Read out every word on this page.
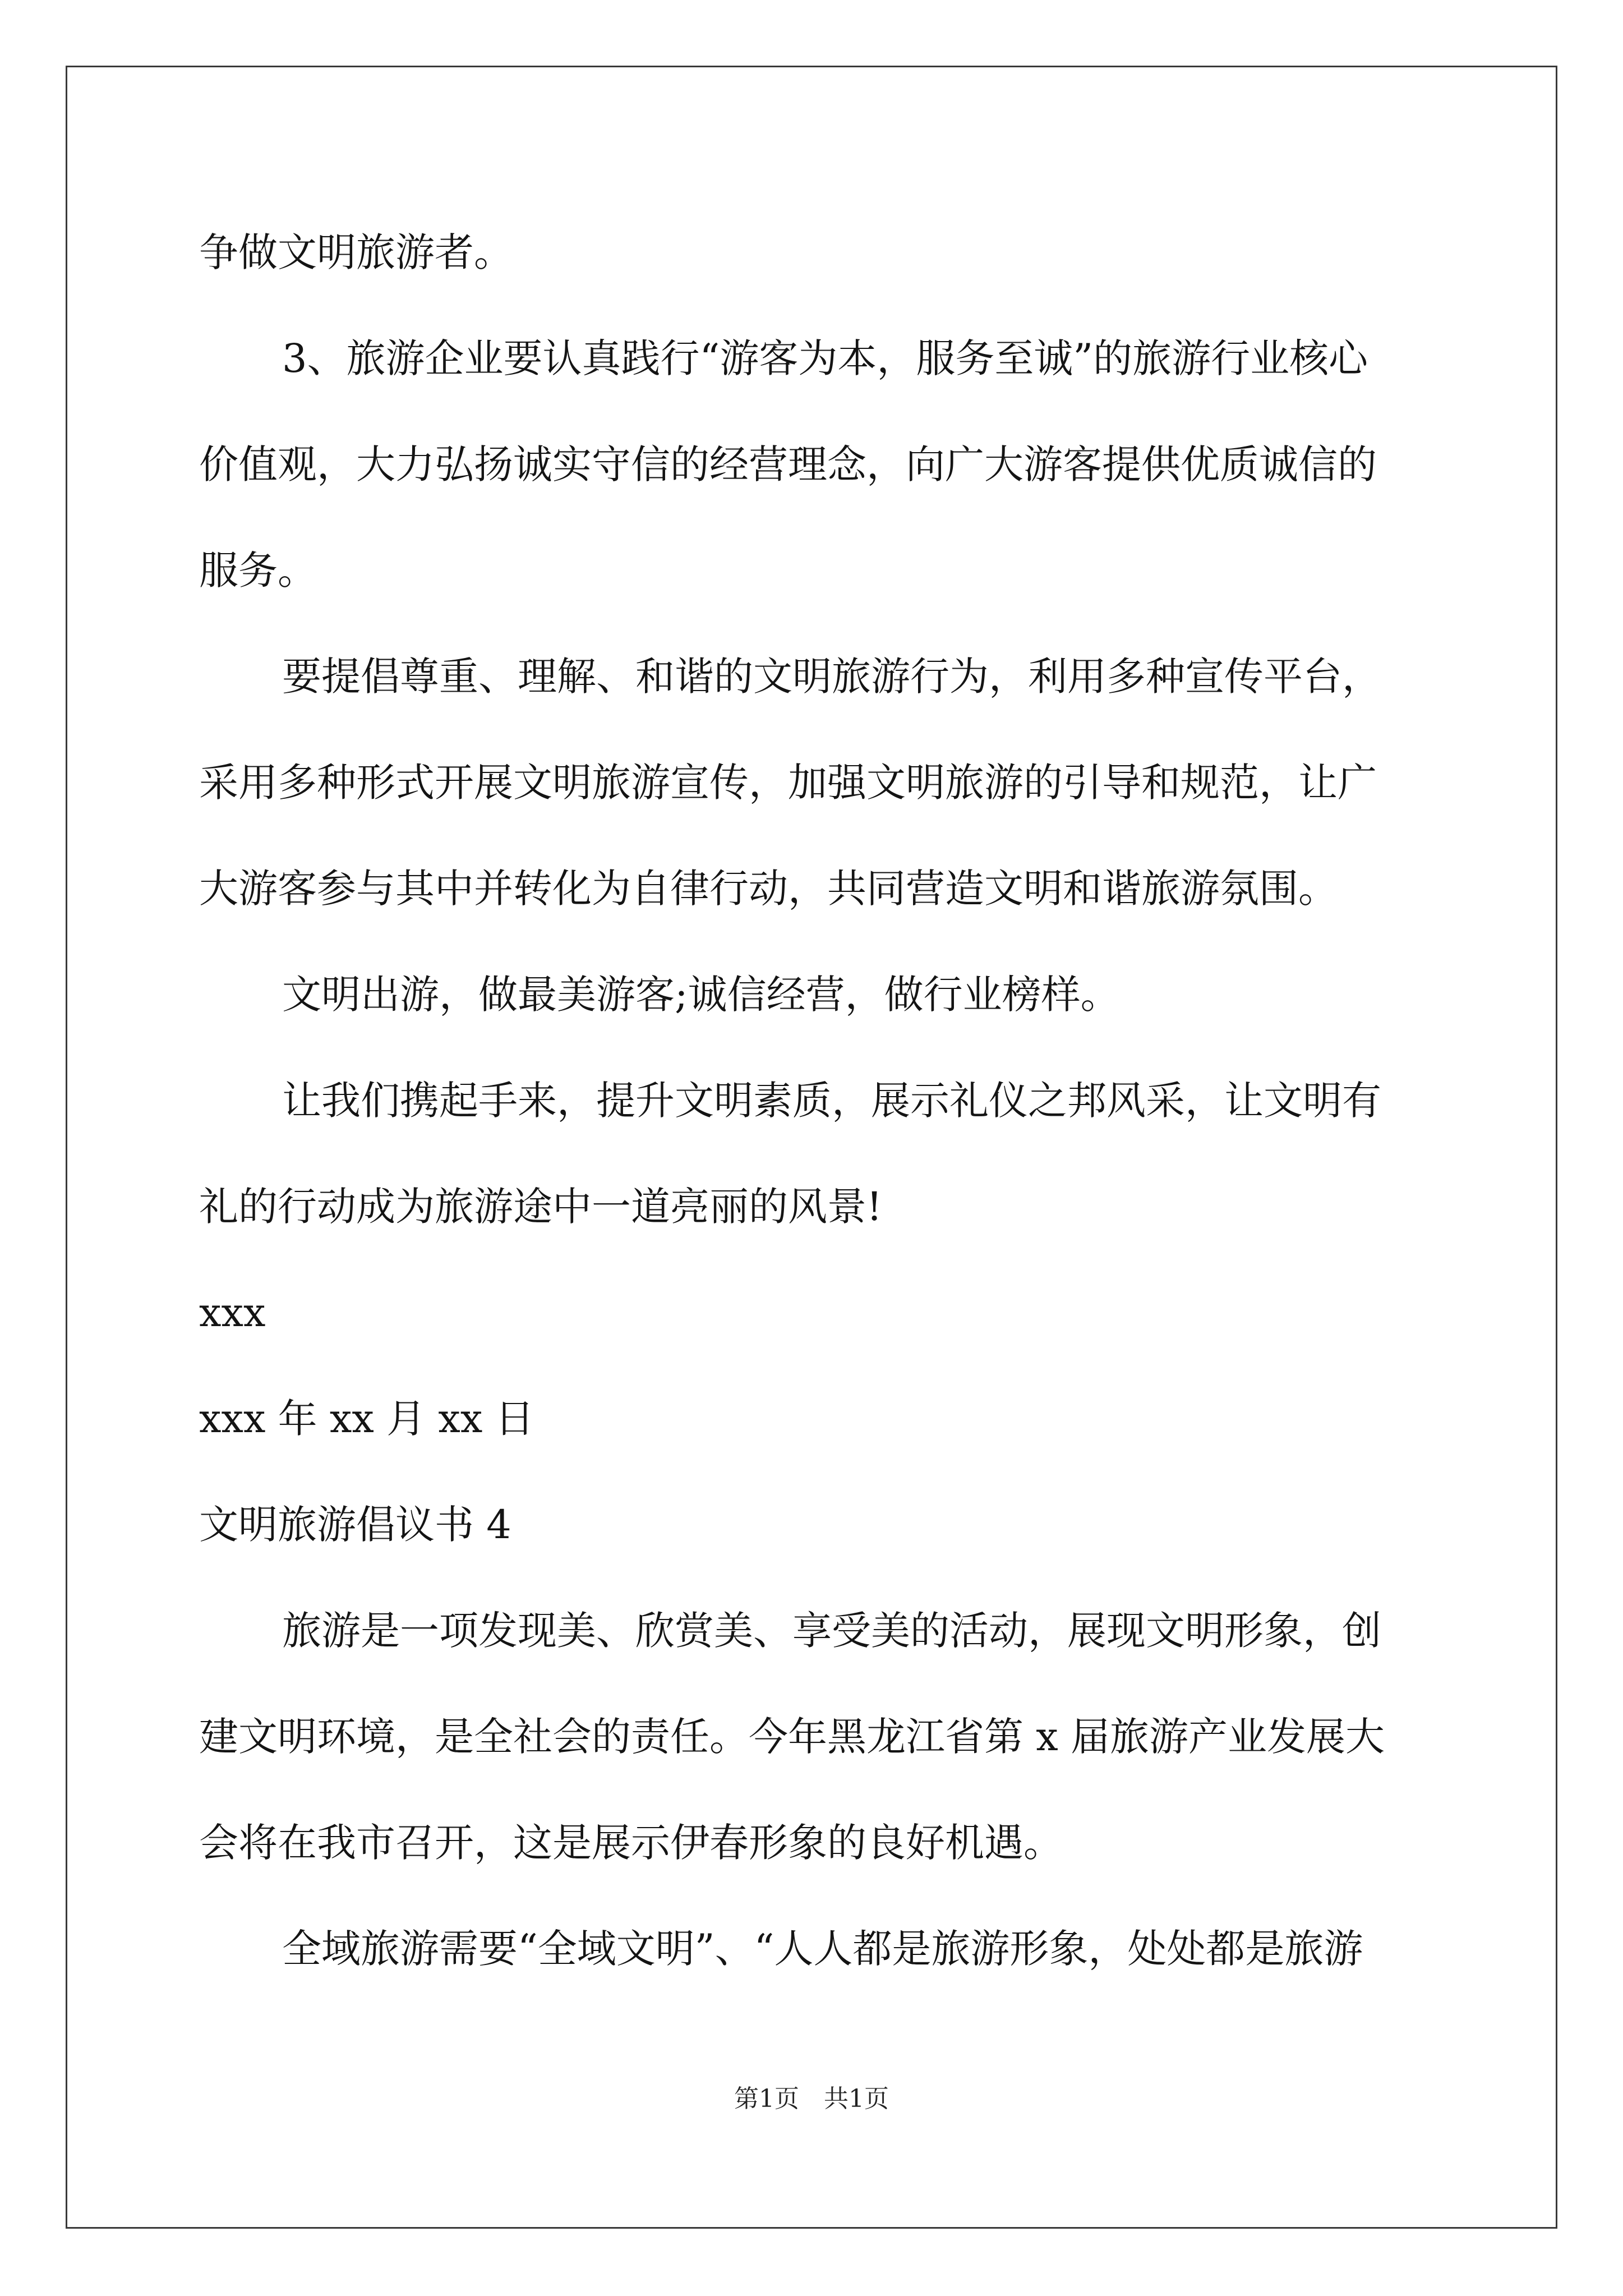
争做文明旅游者。
3、旅游企业要认真践行“游客为本，服务至诚”的旅游行业核心
价值观，大力弘扬诚实守信的经营理念，向广大游客提供优质诚信的
服务。
要提倡尊重、理解、和谐的文明旅游行为，利用多种宣传平台，
采用多种形式开展文明旅游宣传，加强文明旅游的引导和规范，让广
大游客参与其中并转化为自律行动，共同营造文明和谐旅游氛围。
文明出游，做最美游客;诚信经营，做行业榜样。
让我们携起手来，提升文明素质，展示礼仪之邦风采，让文明有
礼的行动成为旅游途中一道亮丽的风景!
xxx
xxx 年 xx 月 xx 日
文明旅游倡议书 4
旅游是一项发现美、欣赏美、享受美的活动，展现文明形象，创
建文明环境，是全社会的责任。今年黑龙江省第 x 届旅游产业发展大
会将在我市召开，这是展示伊春形象的良好机遇。
全域旅游需要“全域文明”、“人人都是旅游形象，处处都是旅游
第1页　共1页
